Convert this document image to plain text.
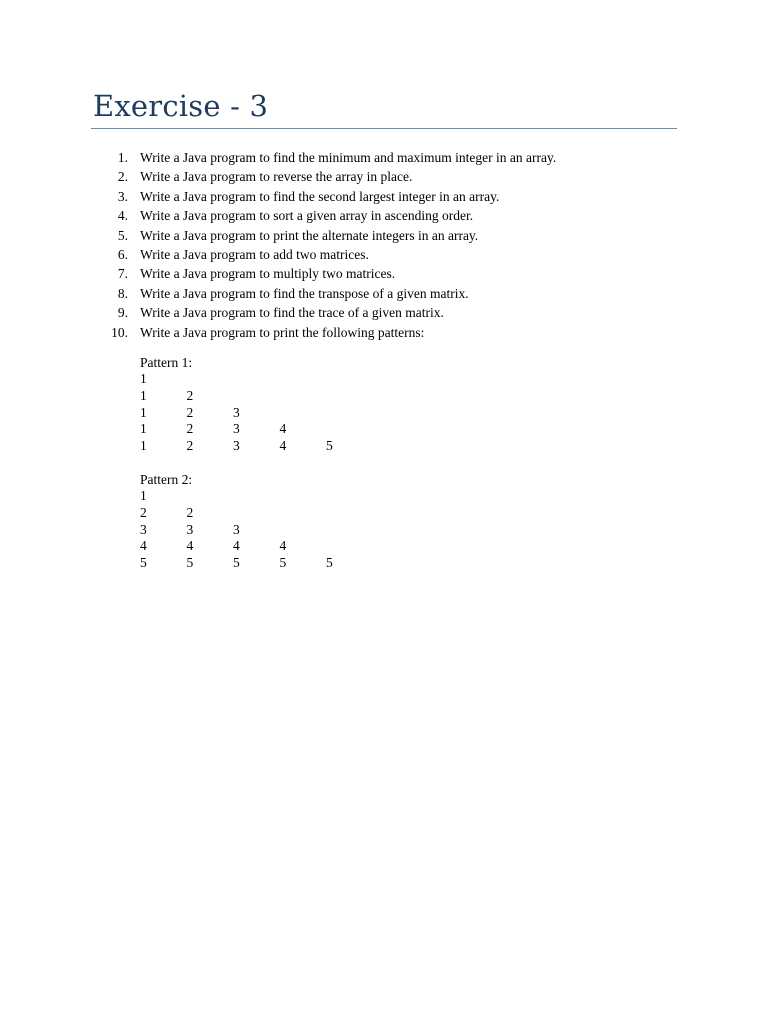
Exercise - 3
1. Write a Java program to find the minimum and maximum integer in an array.
2. Write a Java program to reverse the array in place.
3. Write a Java program to find the second largest integer in an array.
4. Write a Java program to sort a given array in ascending order.
5. Write a Java program to print the alternate integers in an array.
6. Write a Java program to add two matrices.
7. Write a Java program to multiply two matrices.
8. Write a Java program to find the transpose of a given matrix.
9. Write a Java program to find the trace of a given matrix.
10. Write a Java program to print the following patterns:
Pattern 1:
1
1	2
1	2	3
1	2	3	4
1	2	3	4	5
Pattern 2:
1
2	2
3	3	3
4	4	4	4
5	5	5	5	5
